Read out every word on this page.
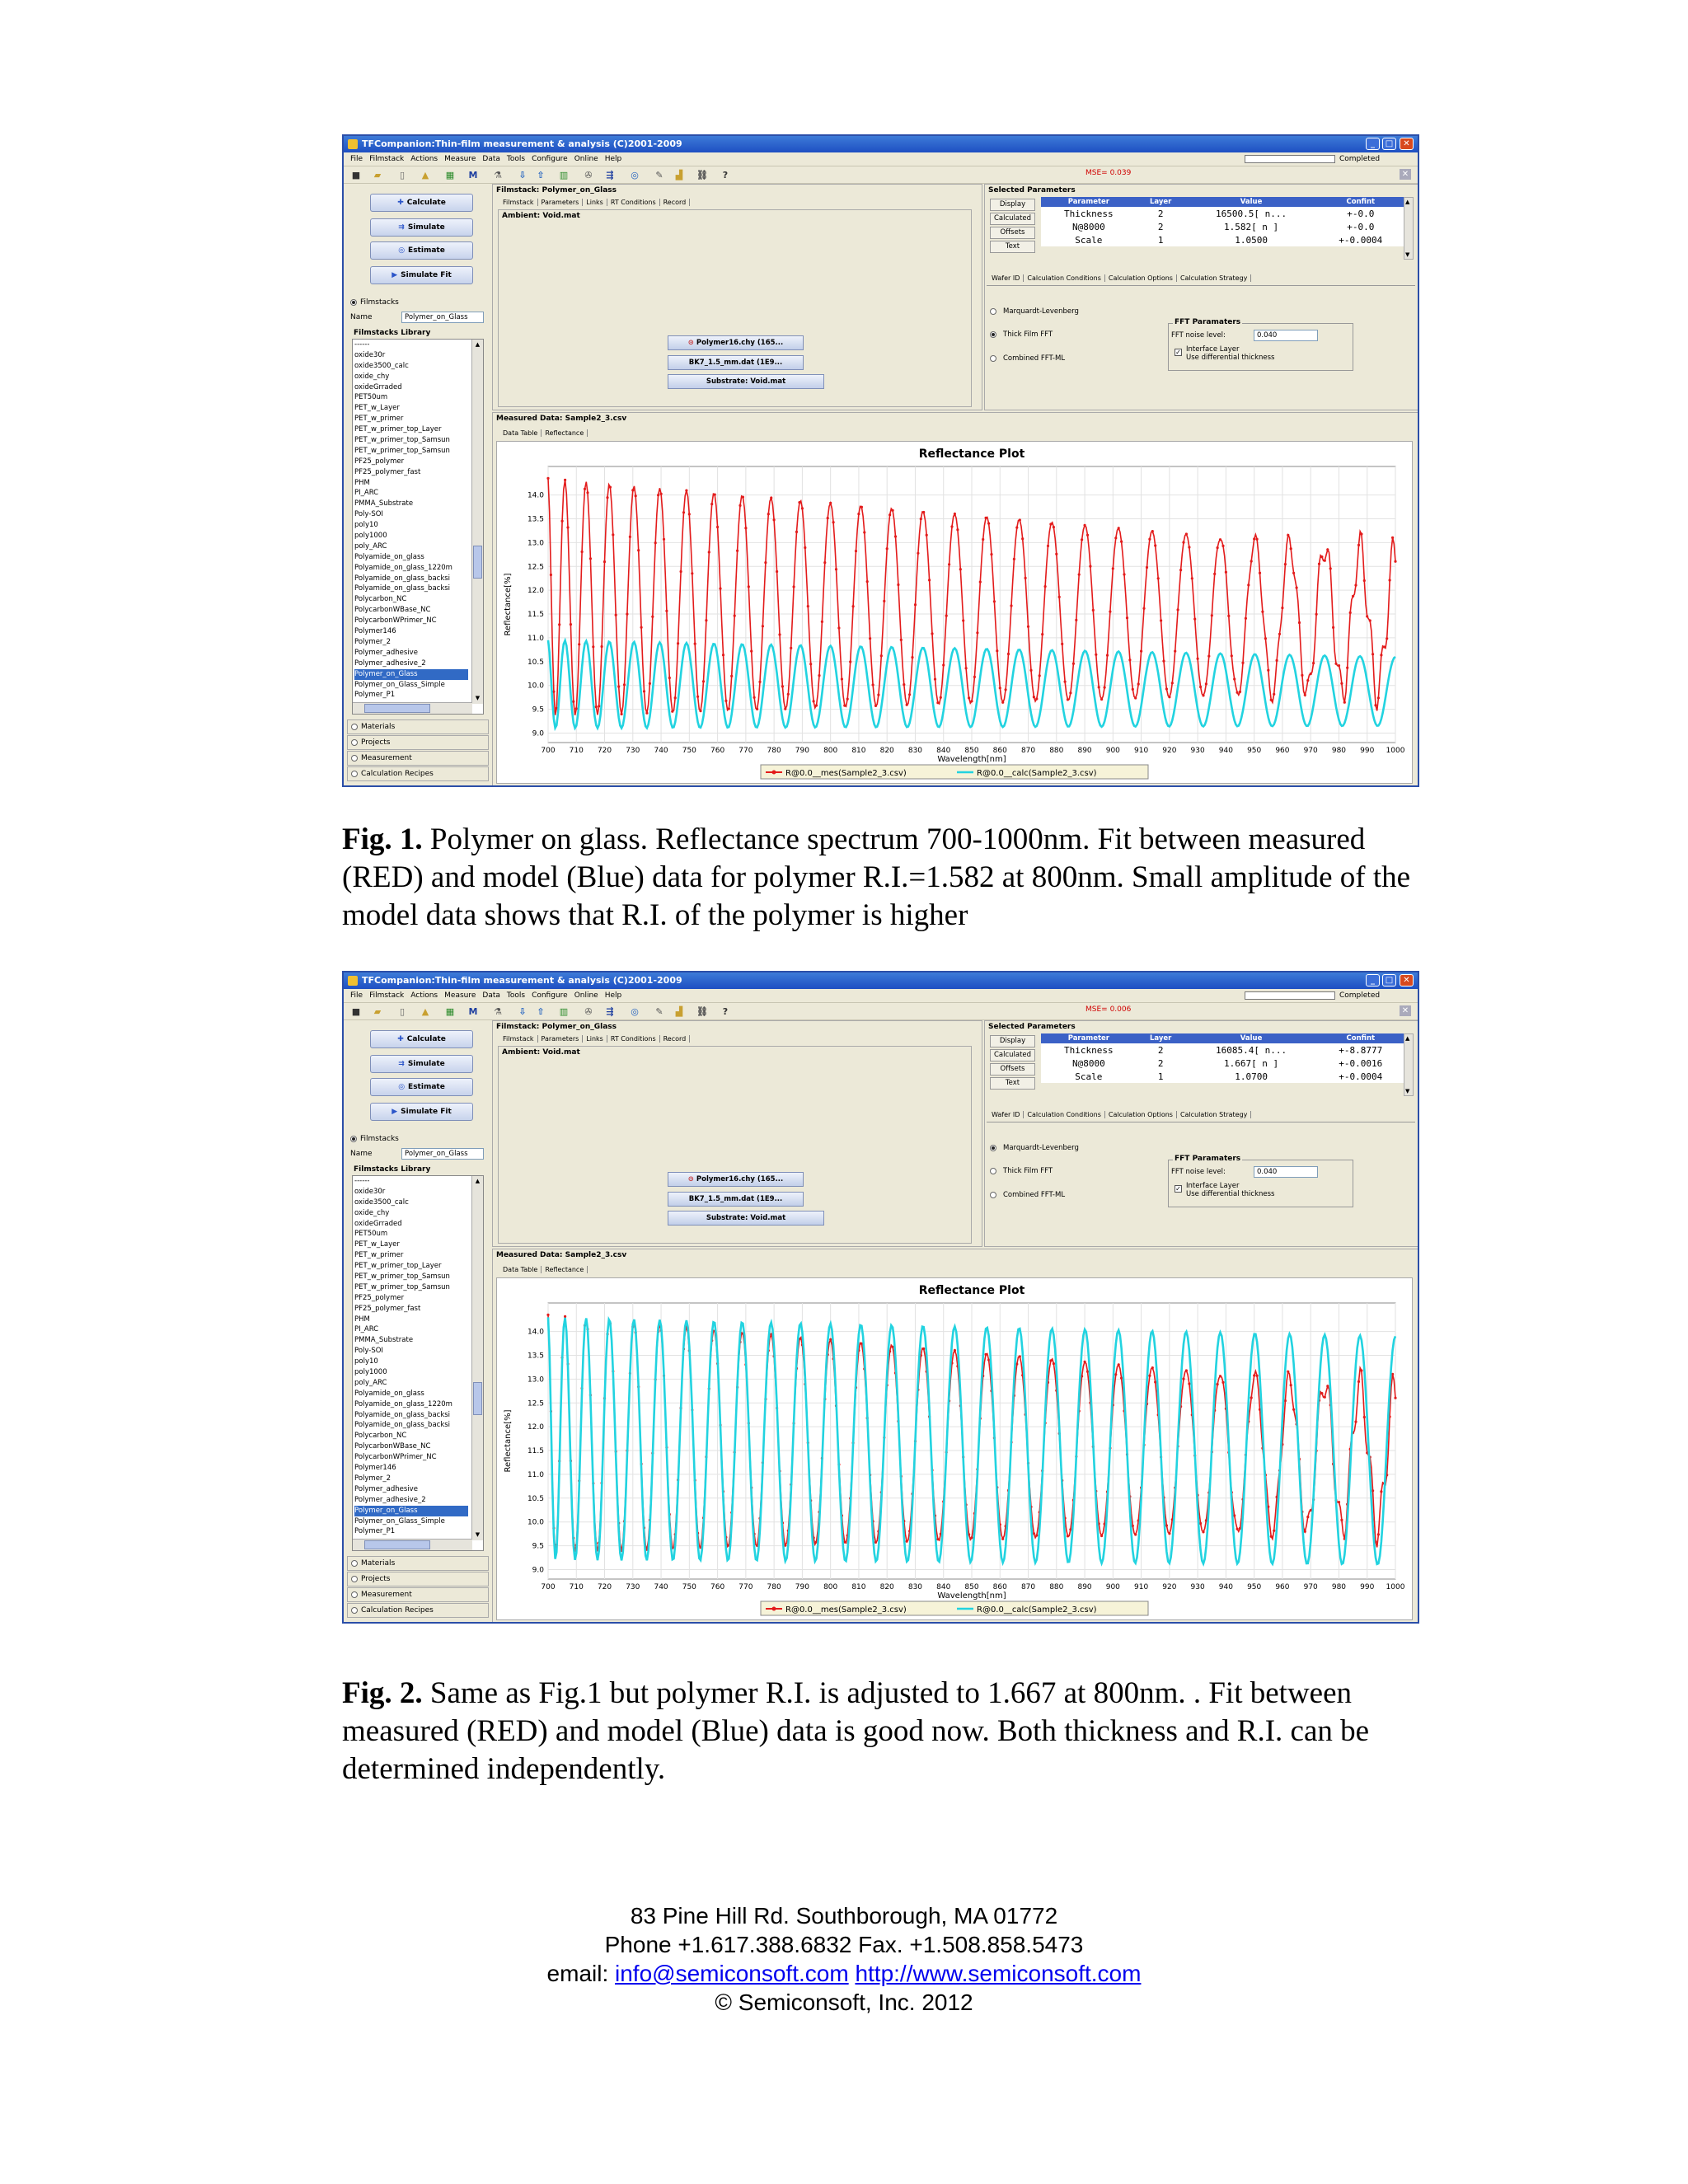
TFCompanion:Thin-film measurement & analysis (C)2001-2009	_	□	✕
File Filmstack Actions Measure Data Tools Configure Online Help	Completed
■ ▰	▯	▲ ▦ M ⚗ ⇩ ⇧ ▥ ✇ ⇶ ◎ ✎ ▟ ⛓	?	MSE= 0.039	✕
✚ Calculate
⇉ Simulate
◎ Estimate
▶ Simulate Fit
Filmstacks
Name	Polymer_on_Glass
Filmstacks Library
------
oxide30r
oxide3500_calc
oxide_chy
oxideGrraded
PET50um
PET_w_Layer
PET_w_primer
PET_w_primer_top_Layer
PET_w_primer_top_Samsun
PET_w_primer_top_Samsun
PF25_polymer
PF25_polymer_fast
PHM
PI_ARC
PMMA_Substrate
Poly-SOI
poly10
poly1000
poly_ARC
Polyamide_on_glass
Polyamide_on_glass_1220m
Polyamide_on_glass_backsi
Polyamide_on_glass_backsi
Polycarbon_NC
PolycarbonWBase_NC
PolycarbonWPrimer_NC
Polymer146
Polymer_2
Polymer_adhesive
Polymer_adhesive_2
Polymer_on_Glass
Polymer_on_Glass_Simple
Polymer_P1
▲
▼
Materials
Projects
Measurement
Calculation Recipes
Filmstack: Polymer_on_Glass
Filmstack Parameters Links RT Conditions Record
Ambient: Void.mat
⊙ Polymer16.chy (165...
BK7_1.5_mm.dat (1E9...
Substrate: Void.mat
Selected Parameters
Display
Calculated
Offsets
Text
Parameter	Layer	Value	Confint
Thickness	2	16500.5[ n...	+-0.0
N@8000	2	1.582[ n ]	+-0.0
Scale	1	1.0500	+-0.0004
▲
▼
Wafer ID Calculation Conditions Calculation Options Calculation Strategy
Marquardt-Levenberg
Thick Film FFT
Combined FFT-ML
FFT Paramaters
FFT noise level:	0.040
✓ Interface Layer
Use differential thickness
Measured Data: Sample2_3.csv
Data Table Reflectance
Reflectance Plot
700 710 720 730 740 750 760 770 780 790 800 810 820 830 840 850 860 870 880 890 900 910 920 930 940 950 960 970 980 990 1000
9.0
9.5
10.0
10.5
11.0
11.5
12.0
12.5
13.0
13.5
14.0
Wavelength[nm]
Reflectance[%]
R@0.0__mes(Sample2_3.csv)	R@0.0__calc(Sample2_3.csv)
Fig. 1. Polymer on glass. Reflectance spectrum 700-1000nm. Fit between measured (RED) and model (Blue) data for polymer R.I.=1.582 at 800nm. Small amplitude of the model data shows that R.I. of the polymer is higher
TFCompanion:Thin-film measurement & analysis (C)2001-2009	_	□	✕
File Filmstack Actions Measure Data Tools Configure Online Help	Completed
■ ▰	▯	▲ ▦ M ⚗ ⇩ ⇧ ▥ ✇ ⇶ ◎ ✎ ▟ ⛓	?	MSE= 0.006	✕
✚ Calculate
⇉ Simulate
◎ Estimate
▶ Simulate Fit
Filmstacks
Name	Polymer_on_Glass
Filmstacks Library
------
oxide30r
oxide3500_calc
oxide_chy
oxideGrraded
PET50um
PET_w_Layer
PET_w_primer
PET_w_primer_top_Layer
PET_w_primer_top_Samsun
PET_w_primer_top_Samsun
PF25_polymer
PF25_polymer_fast
PHM
PI_ARC
PMMA_Substrate
Poly-SOI
poly10
poly1000
poly_ARC
Polyamide_on_glass
Polyamide_on_glass_1220m
Polyamide_on_glass_backsi
Polyamide_on_glass_backsi
Polycarbon_NC
PolycarbonWBase_NC
PolycarbonWPrimer_NC
Polymer146
Polymer_2
Polymer_adhesive
Polymer_adhesive_2
Polymer_on_Glass
Polymer_on_Glass_Simple
Polymer_P1
▲
▼
Materials
Projects
Measurement
Calculation Recipes
Filmstack: Polymer_on_Glass
Filmstack Parameters Links RT Conditions Record
Ambient: Void.mat
⊙ Polymer16.chy (165...
BK7_1.5_mm.dat (1E9...
Substrate: Void.mat
Selected Parameters
Display
Calculated
Offsets
Text
Parameter	Layer	Value	Confint
Thickness	2	16085.4[ n...	+-8.8777
N@8000	2	1.667[ n ]	+-0.0016
Scale	1	1.0700	+-0.0004
▲
▼
Wafer ID Calculation Conditions Calculation Options Calculation Strategy
Marquardt-Levenberg
Thick Film FFT
Combined FFT-ML
FFT Paramaters
FFT noise level:	0.040
✓ Interface Layer
Use differential thickness
Measured Data: Sample2_3.csv
Data Table Reflectance
Reflectance Plot
700 710 720 730 740 750 760 770 780 790 800 810 820 830 840 850 860 870 880 890 900 910 920 930 940 950 960 970 980 990 1000
9.0
9.5
10.0
10.5
11.0
11.5
12.0
12.5
13.0
13.5
14.0
Wavelength[nm]
Reflectance[%]
R@0.0__mes(Sample2_3.csv)	R@0.0__calc(Sample2_3.csv)
Fig. 2. Same as Fig.1 but polymer R.I. is adjusted to 1.667 at 800nm. . Fit between measured (RED) and model (Blue) data is good now. Both thickness and R.I. can be determined independently.
83 Pine Hill Rd. Southborough, MA 01772
Phone +1.617.388.6832 Fax. +1.508.858.5473
email: info@semiconsoft.com http://www.semiconsoft.com
© Semiconsoft, Inc. 2012
